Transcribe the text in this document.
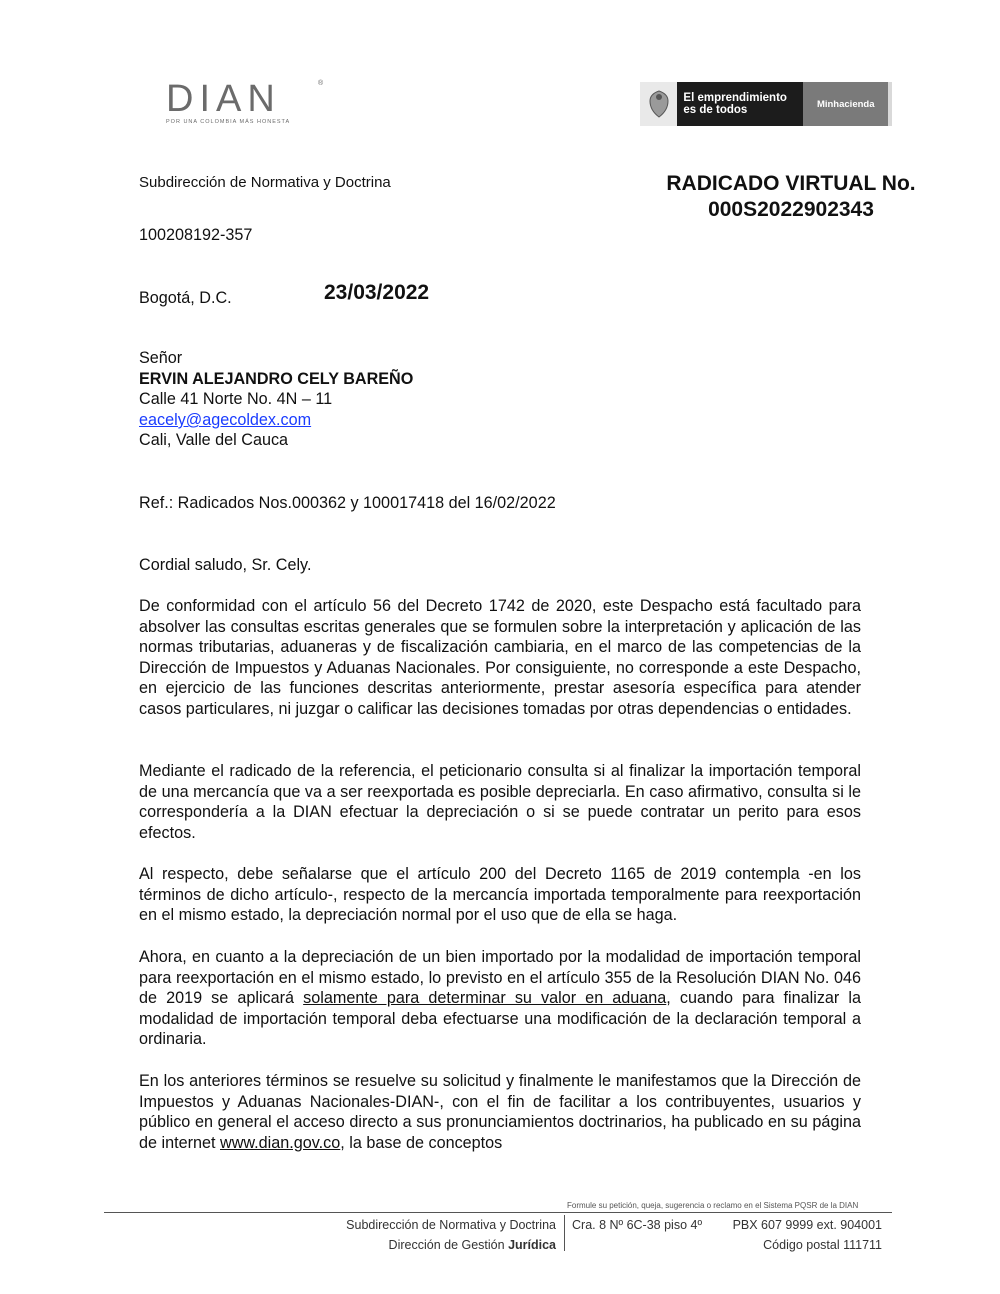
DIAN	®
POR UNA COLOMBIA MÁS HONESTA
El emprendimiento
es de todos	Minhacienda
Subdirección de Normativa y Doctrina	RADICADO VIRTUAL No.
000S2022902343
100208192-357
Bogotá, D.C.	23/03/2022
Señor
ERVIN ALEJANDRO CELY BAREÑO
Calle 41 Norte No. 4N – 11
eacely@agecoldex.com
Cali, Valle del Cauca
Ref.: Radicados Nos.000362 y 100017418 del 16/02/2022
Cordial saludo, Sr. Cely.
De conformidad con el artículo 56 del Decreto 1742 de 2020, este Despacho está facultado para absolver las consultas escritas generales que se formulen sobre la interpretación y aplicación de las normas tributarias, aduaneras y de fiscalización cambiaria, en el marco de las competencias de la Dirección de Impuestos y Aduanas Nacionales. Por consiguiente, no corresponde a este Despacho, en ejercicio de las funciones descritas anteriormente, prestar asesoría específica para atender casos particulares, ni juzgar o calificar las decisiones tomadas por otras dependencias o entidades.
Mediante el radicado de la referencia, el peticionario consulta si al finalizar la importación temporal de una mercancía que va a ser reexportada es posible depreciarla. En caso afirmativo, consulta si le correspondería a la DIAN efectuar la depreciación o si se puede contratar un perito para esos efectos.
Al respecto, debe señalarse que el artículo 200 del Decreto 1165 de 2019 contempla -en los términos de dicho artículo-, respecto de la mercancía importada temporalmente para reexportación en el mismo estado, la depreciación normal por el uso que de ella se haga.
Ahora, en cuanto a la depreciación de un bien importado por la modalidad de importación temporal para reexportación en el mismo estado, lo previsto en el artículo 355 de la Resolución DIAN No. 046 de 2019 se aplicará solamente para determinar su valor en aduana, cuando para finalizar la modalidad de importación temporal deba efectuarse una modificación de la declaración temporal a ordinaria.
En los anteriores términos se resuelve su solicitud y finalmente le manifestamos que la Dirección de Impuestos y Aduanas Nacionales-DIAN-, con el fin de facilitar a los contribuyentes, usuarios y público en general el acceso directo a sus pronunciamientos doctrinarios, ha publicado en su página de internet www.dian.gov.co, la base de conceptos
Formule su petición, queja, sugerencia o reclamo en el Sistema PQSR de la DIAN
Subdirección de Normativa y Doctrina
Dirección de Gestión Jurídica
Cra. 8 Nº 6C-38 piso 4º PBX 607 9999 ext. 904001
Código postal 111711
